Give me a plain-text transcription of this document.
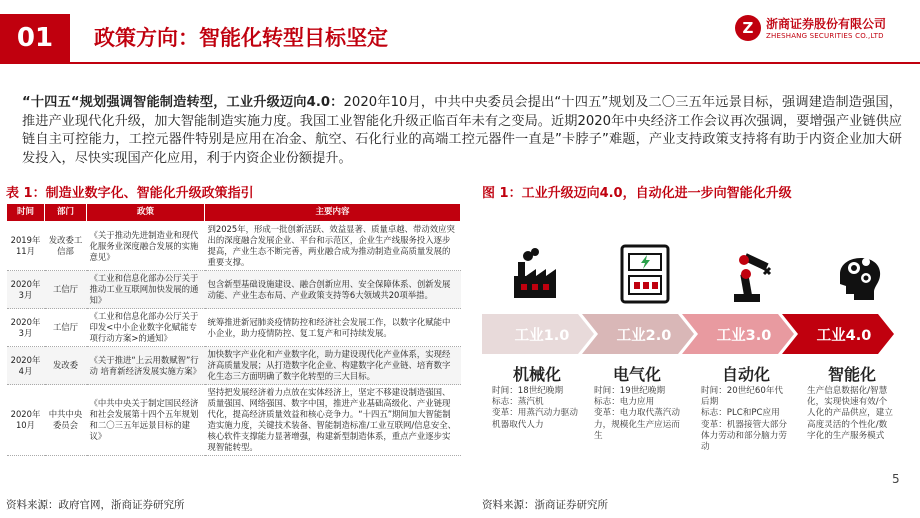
01	政策方向：智能化转型目标坚定	Z	浙商证券股份有限公司
ZHESHANG SECURITIES CO.,LTD
“十四五“规划强调智能制造转型，工业升级迈向4.0：2020年10月，中共中央委员会提出“十四五”规划及二〇三五年远景目标，强调建造制造强国，推进产业现代化升级，加大智能制造实施力度。我国工业智能化升级正临百年未有之变局。近期2020年中央经济工作会议再次强调，要增强产业链供应链自主可控能力，工控元器件特别是应用在冶金、航空、石化行业的高端工控元器件一直是”卡脖子”难题，产业支持政策支持将有助于内资企业加大研发投入，尽快实现国产化应用，利于内资企业份额提升。
表 1：制造业数字化、智能化升级政策指引
时间	部门	政策	主要内容
2019年11月	发改委工信部	《关于推动先进制造业和现代化服务业深度融合发展的实施意见》	到2025年，形成一批创新活跃、效益显著、质量卓越、带动效应突出的深度融合发展企业、平台和示范区，企业生产线服务投入逐步提高，产业生态不断完善，两业融合成为推动制造业高质量发展的重要支撑。
2020年3月	工信厅	《工业和信息化部办公厅关于推动工业互联网加快发展的通知》	包含新型基础设施建设、融合创新应用、安全保障体系、创新发展动能、产业生态布局、产业政策支持等6大领域共20项举措。
2020年3月	工信厅	《工业和信息化部办公厅关于印发<中小企业数字化赋能专项行动方案>的通知》	统筹推进新冠肺炎疫情防控和经济社会发展工作，以数字化赋能中小企业，助力疫情防控、复工复产和可持续发展。
2020年4月	发改委	《关于推进“上云用数赋智”行动 培育新经济发展实施方案》	加快数字产业化和产业数字化，助力建设现代化产业体系，实现经济高质量发展；从打造数字化企业、构建数字化产业链、培育数字化生态三方面明确了数字化转型的三大目标。
2020年10月	中共中央委员会	《中共中央关于制定国民经济和社会发展第十四个五年规划和二〇三五年远景目标的建议》	坚持把发展经济着力点放在实体经济上，坚定不移建设制造强国、质量强国、网络强国、数字中国，推进产业基础高级化、产业链现代化，提高经济质量效益和核心竞争力。“十四五”期间加大智能制造实施力度，关键技术装备、智能制造标准/工业互联网/信息安全、核心软件支撑能力显著增强，构建新型制造体系，重点产业逐步实现智能转型。
资料来源：政府官网，浙商证券研究所
图 1：工业升级迈向4.0，自动化进一步向智能化升级
工业1.0	工业2.0	工业3.0	工业4.0
机械化	电气化	自动化	智能化
时间：18世纪晚期
标志：蒸汽机
变革：用蒸汽动力驱动机器取代人力
时间：19世纪晚期
标志：电力应用
变革：电力取代蒸汽动力，规模化生产应运而生
时间：20世纪60年代后期
标志：PLC和PC应用
变革：机器接管大部分体力劳动和部分脑力劳动
生产信息数据化/智慧化，实现快速有效/个人化的产品供应，建立高度灵活的个性化/数字化的生产服务模式
资料来源：浙商证券研究所
5
